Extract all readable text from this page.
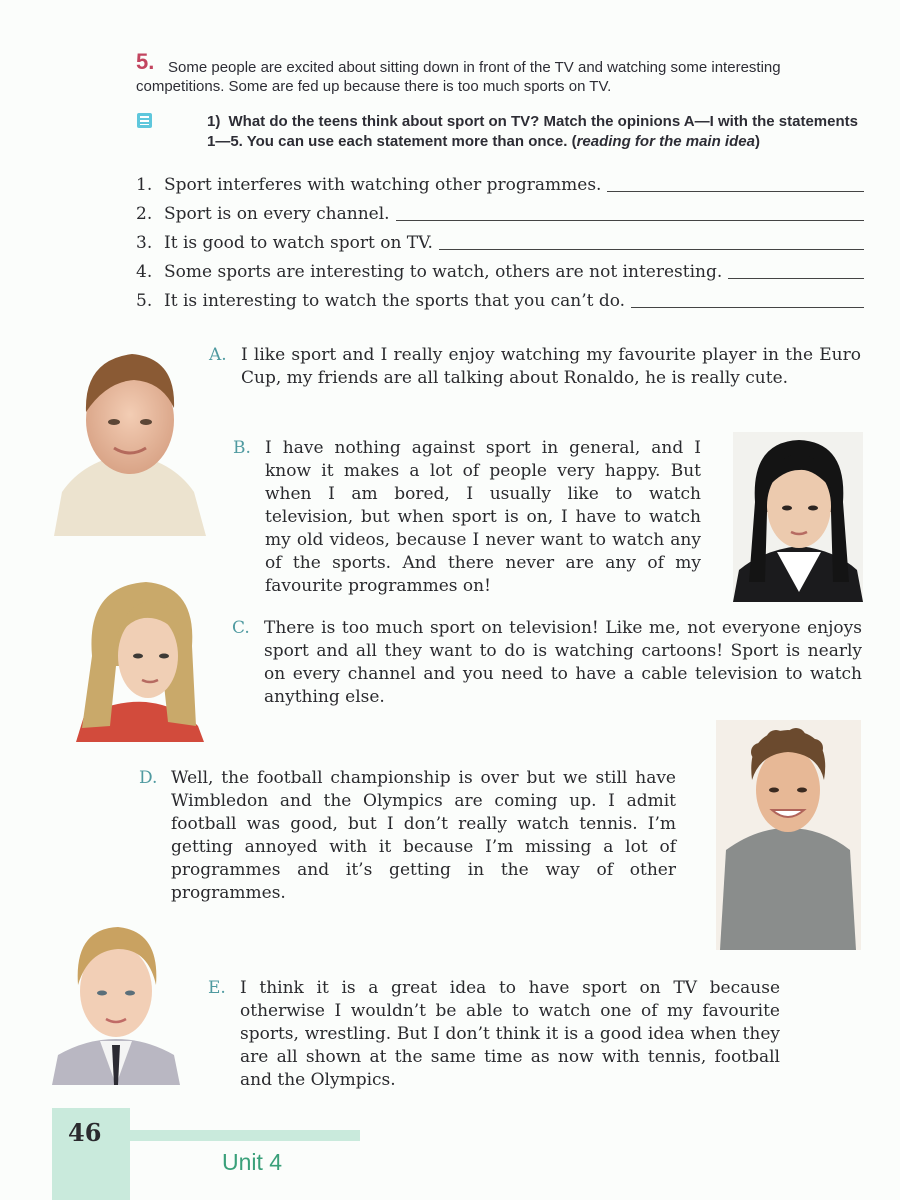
5. Some people are excited about sitting down in front of the TV and watching some interesting competitions. Some are fed up because there is too much sports on TV.
1) What do the teens think about sport on TV? Match the opinions A—I with the statements 1—5. You can use each statement more than once. (reading for the main idea)
1. Sport interferes with watching other programmes.
2. Sport is on every channel.
3. It is good to watch sport on TV.
4. Some sports are interesting to watch, others are not interesting.
5. It is interesting to watch the sports that you can’t do.
A. I like sport and I really enjoy watching my favourite player in the Euro Cup, my friends are all talking about Ronaldo, he is really cute.
B. I have nothing against sport in general, and I know it makes a lot of people very happy. But when I am bored, I usually like to watch television, but when sport is on, I have to watch my old videos, because I never want to watch any of the sports. And there never are any of my favourite programmes on!
C. There is too much sport on television! Like me, not everyone enjoys sport and all they want to do is watching cartoons! Sport is nearly on every channel and you need to have a cable television to watch anything else.
D. Well, the football championship is over but we still have Wimbledon and the Olympics are coming up. I admit football was good, but I don’t really watch tennis. I’m getting annoyed with it because I’m missing a lot of programmes and it’s getting in the way of other programmes.
E. I think it is a great idea to have sport on TV because otherwise I wouldn’t be able to watch one of my favourite sports, wrestling. But I don’t think it is a good idea when they are all shown at the same time as now with tennis, football and the Olympics.
46
Unit 4
